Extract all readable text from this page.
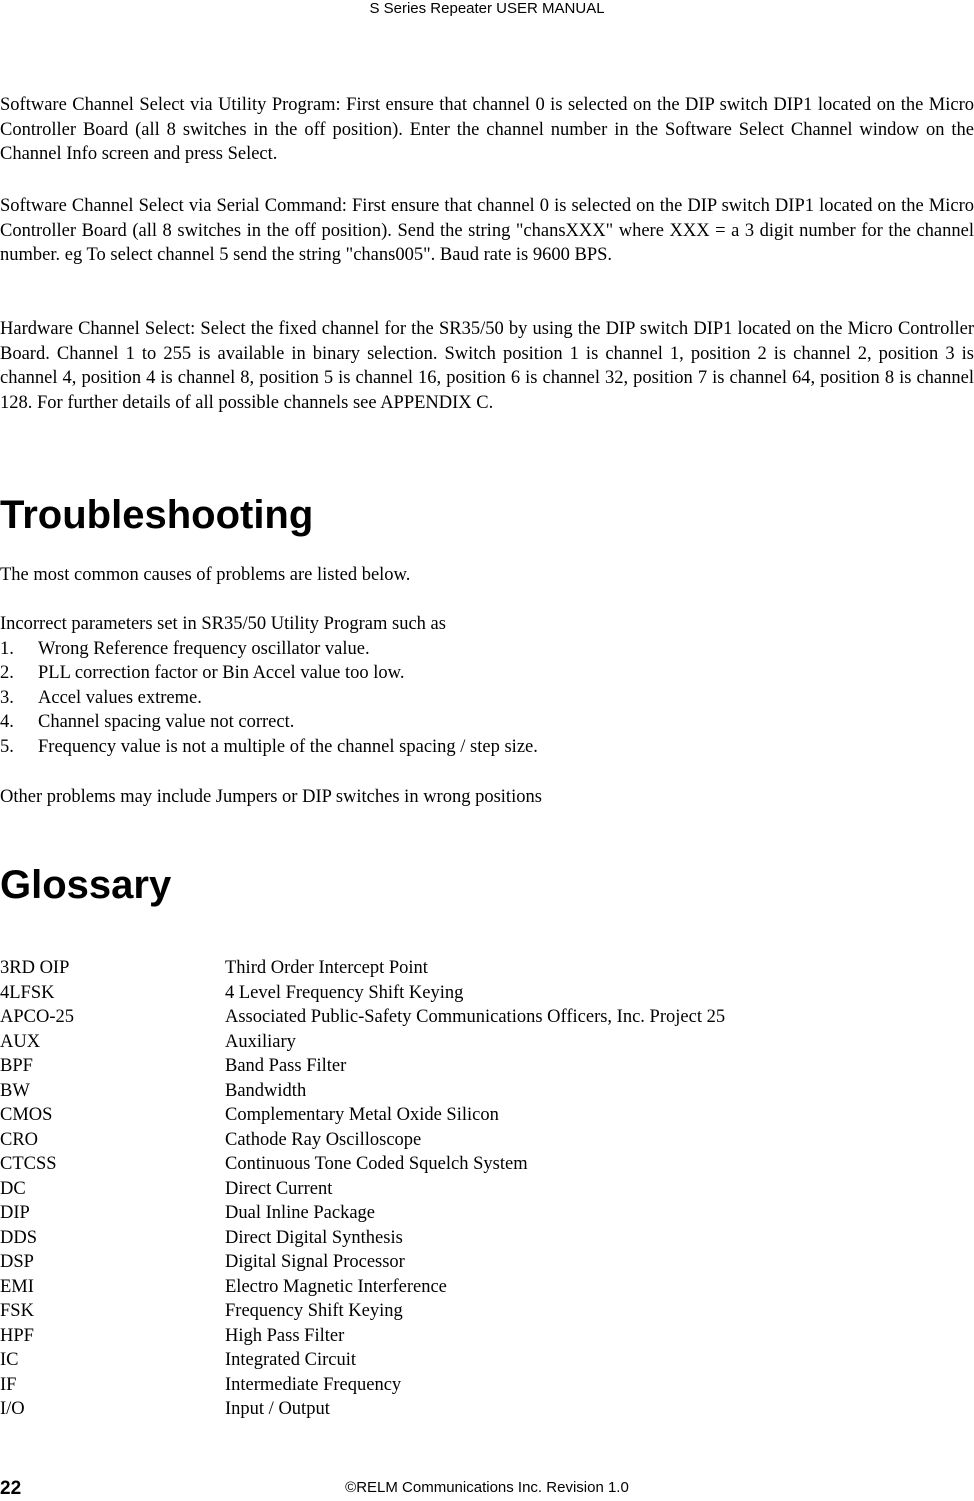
S Series Repeater USER MANUAL

Software Channel Select via Utility Program: First ensure that channel 0 is selected on the DIP switch DIP1 located on the Micro Controller Board (all 8 switches in the off position). Enter the channel number in the Software Select Channel window on the Channel Info screen and press Select.

Software Channel Select via Serial Command: First ensure that channel 0 is selected on the DIP switch DIP1 located on the Micro Controller Board (all 8 switches in the off position). Send the string "chansXXX" where XXX = a 3 digit number for the channel number. eg To select channel 5 send the string "chans005". Baud rate is 9600 BPS.

Hardware Channel Select: Select the fixed channel for the SR35/50 by using the DIP switch DIP1 located on the Micro Controller Board. Channel 1 to 255 is available in binary selection. Switch position 1 is channel 1, position 2 is channel 2, position 3 is channel 4, position 4 is channel 8, position 5 is channel 16, position 6 is channel 32, position 7 is channel 64, position 8 is channel 128. For further details of all possible channels see APPENDIX C.

Troubleshooting

The most common causes of problems are listed below.

Incorrect parameters set in SR35/50 Utility Program such as

1. Wrong Reference frequency oscillator value.
2. PLL correction factor or Bin Accel value too low.
3. Accel values extreme.
4. Channel spacing value not correct.
5. Frequency value is not a multiple of the channel spacing / step size.

Other problems may include Jumpers or DIP switches in wrong positions

Glossary
3RD OIP	Third Order Intercept Point
4LFSK	4 Level Frequency Shift Keying
APCO-25	Associated Public-Safety Communications Officers, Inc. Project 25
AUX	Auxiliary
BPF	Band Pass Filter
BW	Bandwidth
CMOS	Complementary Metal Oxide Silicon
CRO	Cathode Ray Oscilloscope
CTCSS	Continuous Tone Coded Squelch System
DC	Direct Current
DIP	Dual Inline Package
DDS	Direct Digital Synthesis
DSP	Digital Signal Processor
EMI	Electro Magnetic Interference
FSK	Frequency Shift Keying
HPF	High Pass Filter
IC	Integrated Circuit
IF	Intermediate Frequency
I/O	Input / Output
22	©RELM Communications Inc. Revision 1.0
